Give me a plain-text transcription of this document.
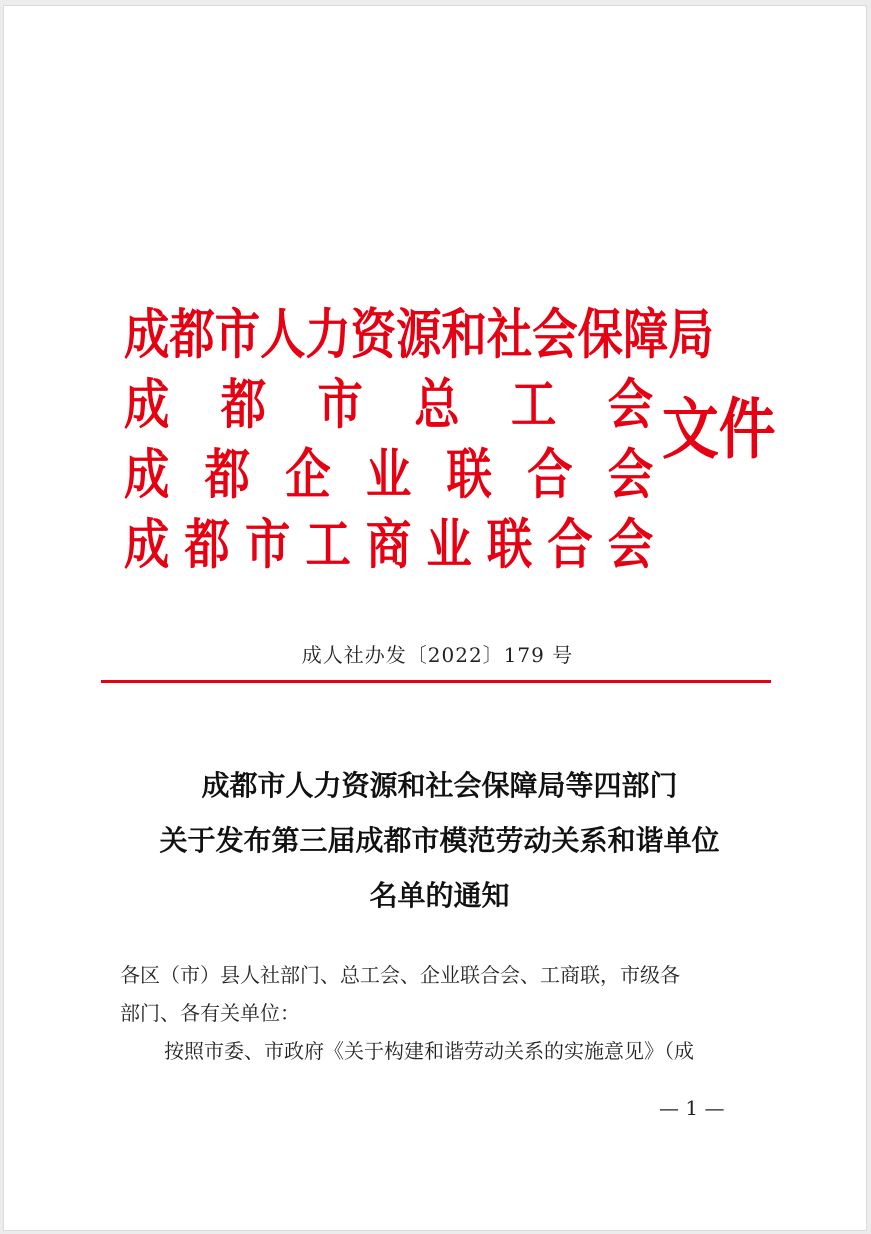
成 都 市 人 力 资 源 和 社 会 保 障 局
成 都 市 总 工 会
成 都 企 业 联 合 会
成 都 市 工 商 业 联 合 会
文件
成人社办发〔2022〕179 号
成都市人力资源和社会保障局等四部门
关于发布第三届成都市模范劳动关系和谐单位
名单的通知
各区（市）县人社部门、总工会、企业联合会、工商联，市级各
部门、各有关单位：
按照市委、市政府《关于构建和谐劳动关系的实施意见》（成
— 1 —
